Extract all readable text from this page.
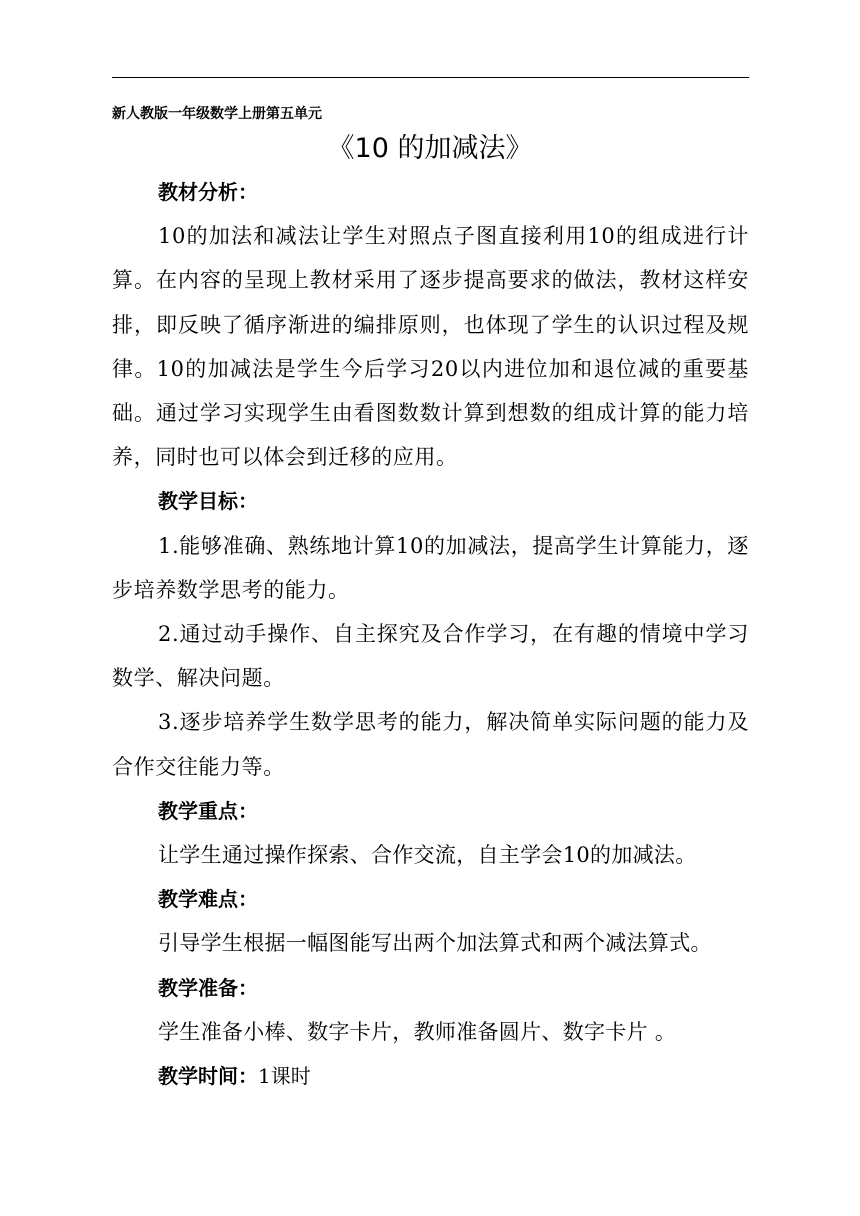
新人教版一年级数学上册第五单元
《10 的加减法》
教材分析：
10的加法和减法让学生对照点子图直接利用10的组成进行计算。在内容的呈现上教材采用了逐步提高要求的做法，教材这样安排，即反映了循序渐进的编排原则，也体现了学生的认识过程及规律。10的加减法是学生今后学习20以内进位加和退位减的重要基础。通过学习实现学生由看图数数计算到想数的组成计算的能力培养，同时也可以体会到迁移的应用。
教学目标：
1.能够准确、熟练地计算10的加减法，提高学生计算能力，逐步培养数学思考的能力。
2.通过动手操作、自主探究及合作学习，在有趣的情境中学习数学、解决问题。
3.逐步培养学生数学思考的能力，解决简单实际问题的能力及合作交往能力等。
教学重点：
让学生通过操作探索、合作交流，自主学会10的加减法。
教学难点：
引导学生根据一幅图能写出两个加法算式和两个减法算式。
教学准备：
学生准备小棒、数字卡片，教师准备圆片、数字卡片 。
教学时间：1课时
